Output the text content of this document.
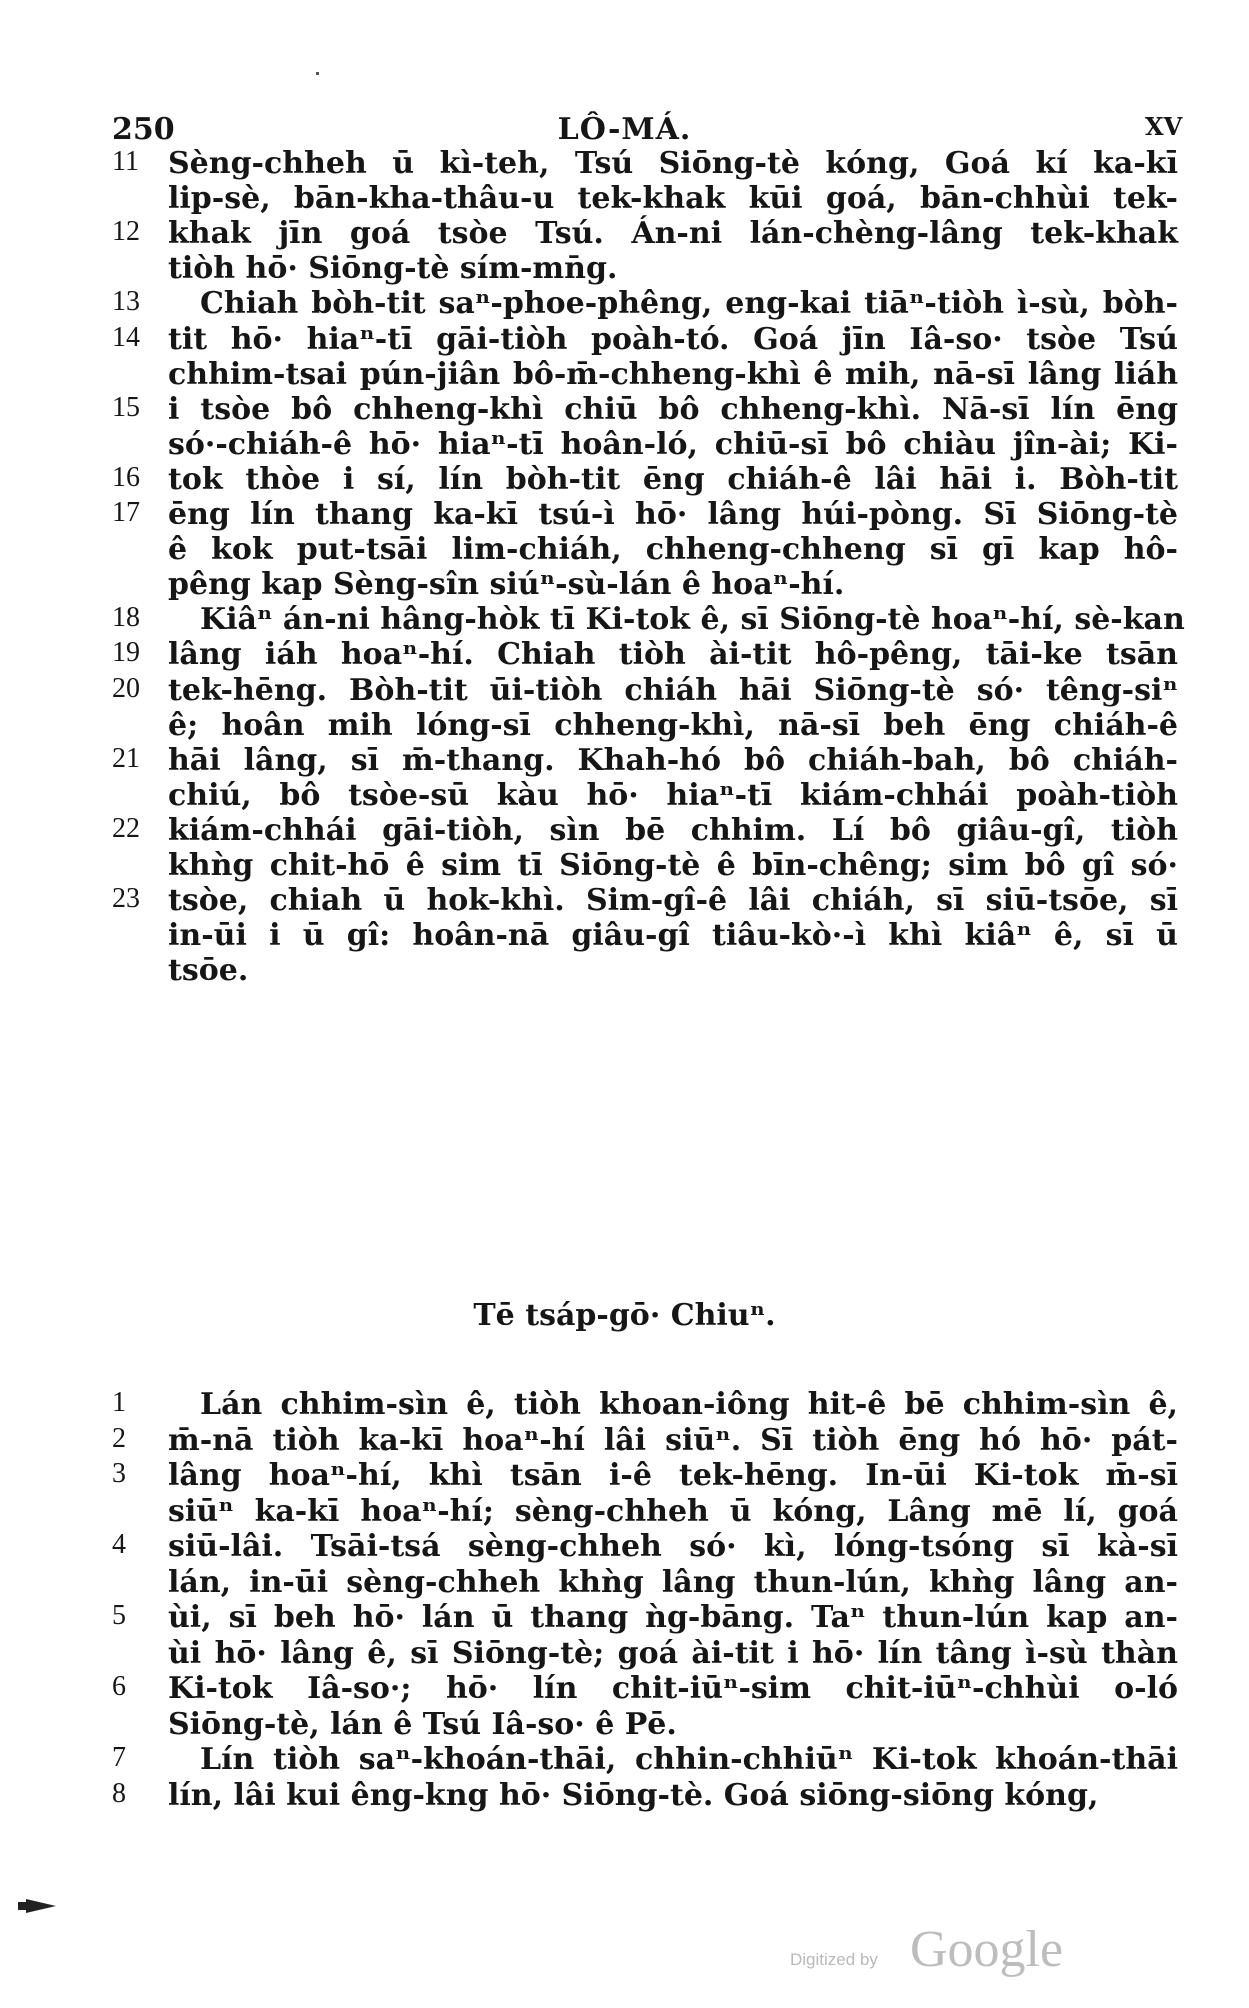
250	LÔ-MÁ.	XV
11 Sèng-chheh ū kì-teh, Tsú Siōng-tè kóng, Goá kí ka-kī
lip-sè, bān-kha-thâu-u tek-khak kūi goá, bān-chhùi tek-
12 khak jīn goá tsòe Tsú. Án-ni lán-chèng-lâng tek-khak
tiòh hō· Siōng-tè sím-mn̄g.
13	Chiah bòh-tit saⁿ-phoe-phêng, eng-kai tiāⁿ-tiòh ì-sù, bòh-
14 tit hō· hiaⁿ-tī gāi-tiòh poàh-tó. Goá jīn Iâ-so· tsòe Tsú
chhim-tsai pún-jiân bô-m̄-chheng-khì ê mih, nā-sī lâng liáh
15 i tsòe bô chheng-khì chiū bô chheng-khì. Nā-sī lín ēng
só·-chiáh-ê hō· hiaⁿ-tī hoân-ló, chiū-sī bô chiàu jîn-ài; Ki-
16 tok thòe i sí, lín bòh-tit ēng chiáh-ê lâi hāi i. Bòh-tit
17 ēng lín thang ka-kī tsú-ì hō· lâng húi-pòng. Sī Siōng-tè
ê kok put-tsāi lim-chiáh, chheng-chheng sī gī kap hô-
pêng kap Sèng-sîn siúⁿ-sù-lán ê hoaⁿ-hí.
18	Kiâⁿ án-ni hâng-hòk tī Ki-tok ê, sī Siōng-tè hoaⁿ-hí, sè-kan
19 lâng iáh hoaⁿ-hí. Chiah tiòh ài-tit hô-pêng, tāi-ke tsān
20 tek-hēng. Bòh-tit ūi-tiòh chiáh hāi Siōng-tè só· têng-siⁿ
ê; hoân mih lóng-sī chheng-khì, nā-sī beh ēng chiáh-ê
21 hāi lâng, sī m̄-thang. Khah-hó bô chiáh-bah, bô chiáh-
chiú, bô tsòe-sū kàu hō· hiaⁿ-tī kiám-chhái poàh-tiòh
22 kiám-chhái gāi-tiòh, sìn bē chhim. Lí bô giâu-gî, tiòh
khǹg chit-hō ê sim tī Siōng-tè ê bīn-chêng; sim bô gî só·
23 tsòe, chiah ū hok-khì. Sim-gî-ê lâi chiáh, sī siū-tsōe, sī
in-ūi i ū gî: hoân-nā giâu-gî tiâu-kò·-ì khì kiâⁿ ê, sī ū
tsōe.
Tē tsáp-gō· Chiuⁿ.
1	Lán chhim-sìn ê, tiòh khoan-iông hit-ê bē chhim-sìn ê,
2	m̄-nā tiòh ka-kī hoaⁿ-hí lâi siūⁿ. Sī tiòh ēng hó hō· pát-
3	lâng hoaⁿ-hí, khì tsān i-ê tek-hēng. In-ūi Ki-tok m̄-sī
siūⁿ ka-kī hoaⁿ-hí; sèng-chheh ū kóng, Lâng mē lí, goá
4	siū-lâi. Tsāi-tsá sèng-chheh só· kì, lóng-tsóng sī kà-sī
lán, in-ūi sèng-chheh khǹg lâng thun-lún, khǹg lâng an-
5	ùi, sī beh hō· lán ū thang ǹg-bāng. Taⁿ thun-lún kap an-
ùi hō· lâng ê, sī Siōng-tè; goá ài-tit i hō· lín tâng ì-sù thàn
6	Ki-tok Iâ-so·; hō· lín chit-iūⁿ-sim chit-iūⁿ-chhùi o-ló
Siōng-tè, lán ê Tsú Iâ-so· ê Pē.
7	Lín tiòh saⁿ-khoán-thāi, chhin-chhiūⁿ Ki-tok khoán-thāi
8	lín, lâi kui êng-kng hō· Siōng-tè. Goá siōng-siōng kóng,
Digitized by Google
